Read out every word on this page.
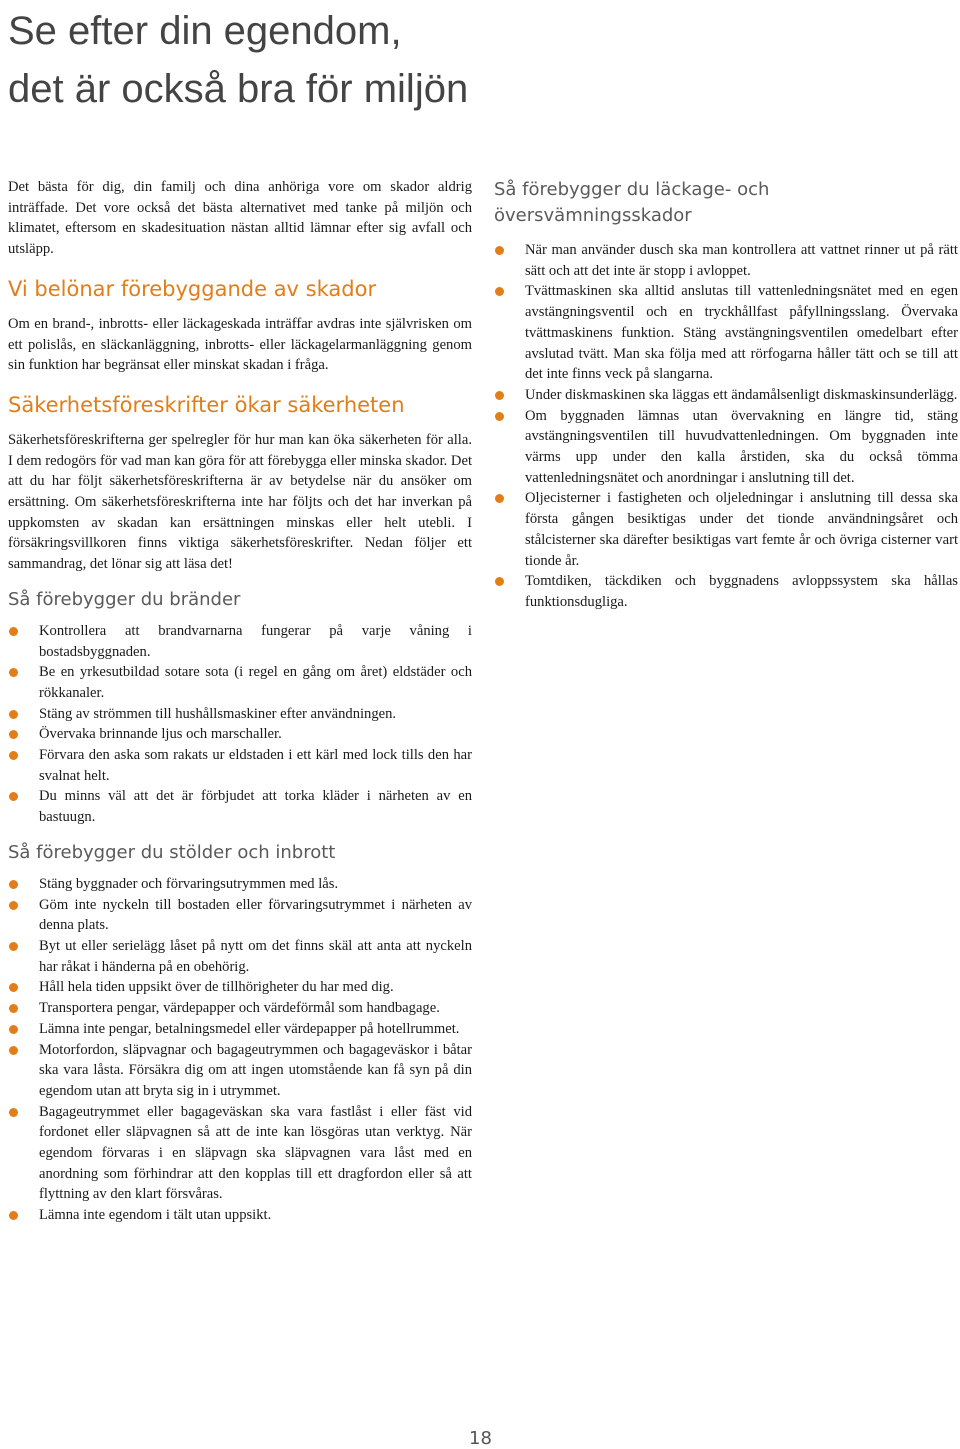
Se efter din egendom,
det är också bra för miljön

Det bästa för dig, din familj och dina anhöriga vore om skador aldrig inträffade. Det vore också det bästa alternativet med tanke på miljön och klimatet, eftersom en skadesituation nästan alltid lämnar efter sig avfall och utsläpp.

Vi belönar förebyggande av skador

Om en brand-, inbrotts- eller läckageskada inträffar avdras inte självrisken om ett polislås, en släckanläggning, inbrotts- eller läckagelarmanläggning genom sin funktion har begränsat eller minskat skadan i fråga.

Säkerhetsföreskrifter ökar säkerheten

Säkerhetsföreskrifterna ger spelregler för hur man kan öka säkerheten för alla. I dem redogörs för vad man kan göra för att förebygga eller minska skador. Det att du har följt säkerhetsföreskrifterna är av betydelse när du ansöker om ersättning. Om säkerhetsföreskrifterna inte har följts och det har inverkan på uppkomsten av skadan kan ersättningen minskas eller helt utebli. I försäkringsvillkoren finns viktiga säkerhetsföreskrifter. Nedan följer ett sammandrag, det lönar sig att läsa det!

Så förebygger du bränder
Kontrollera att brandvarnarna fungerar på varje våning i bostadsbyggnaden.
Be en yrkesutbildad sotare sota (i regel en gång om året) eldstäder och rökkanaler.
Stäng av strömmen till hushållsmaskiner efter användningen.
Övervaka brinnande ljus och marschaller.
Förvara den aska som rakats ur eldstaden i ett kärl med lock tills den har svalnat helt.
Du minns väl att det är förbjudet att torka kläder i närheten av en bastuugn.
Så förebygger du stölder och inbrott
Stäng byggnader och förvaringsutrymmen med lås.
Göm inte nyckeln till bostaden eller förvaringsutrymmet i närheten av denna plats.
Byt ut eller serielägg låset på nytt om det finns skäl att anta att nyckeln har råkat i händerna på en obehörig.
Håll hela tiden uppsikt över de tillhörigheter du har med dig.
Transportera pengar, värdepapper och värdeförmål som handbagage.
Lämna inte pengar, betalningsmedel eller värdepapper på hotellrummet.
Motorfordon, släpvagnar och bagageutrymmen och bagageväskor i båtar ska vara låsta. Försäkra dig om att ingen utomstående kan få syn på din egendom utan att bryta sig in i utrymmet.
Bagageutrymmet eller bagageväskan ska vara fastlåst i eller fäst vid fordonet eller släpvagnen så att de inte kan lösgöras utan verktyg. När egendom förvaras i en släpvagn ska släpvagnen vara låst med en anordning som förhindrar att den kopplas till ett dragfordon eller så att flyttning av den klart försvåras.
Lämna inte egendom i tält utan uppsikt.
Så förebygger du läckage- och
översvämningsskador
När man använder dusch ska man kontrollera att vattnet rinner ut på rätt sätt och att det inte är stopp i avloppet.
Tvättmaskinen ska alltid anslutas till vattenledningsnätet med en egen avstängningsventil och en tryckhållfast påfyllningsslang. Övervaka tvättmaskinens funktion. Stäng avstängningsventilen omedelbart efter avslutad tvätt. Man ska följa med att rörfogarna håller tätt och se till att det inte finns veck på slangarna.
Under diskmaskinen ska läggas ett ändamålsenligt diskmaskinsunderlägg.
Om byggnaden lämnas utan övervakning en längre tid, stäng avstängningsventilen till huvudvattenledningen. Om byggnaden inte värms upp under den kalla årstiden, ska du också tömma vattenledningsnätet och anordningar i anslutning till det.
Oljecisterner i fastigheten och oljeledningar i anslutning till dessa ska första gången besiktigas under det tionde användningsåret och stålcisterner ska därefter besiktigas vart femte år och övriga cisterner vart tionde år.
Tomtdiken, täckdiken och byggnadens avloppssystem ska hållas funktionsdugliga.
18
